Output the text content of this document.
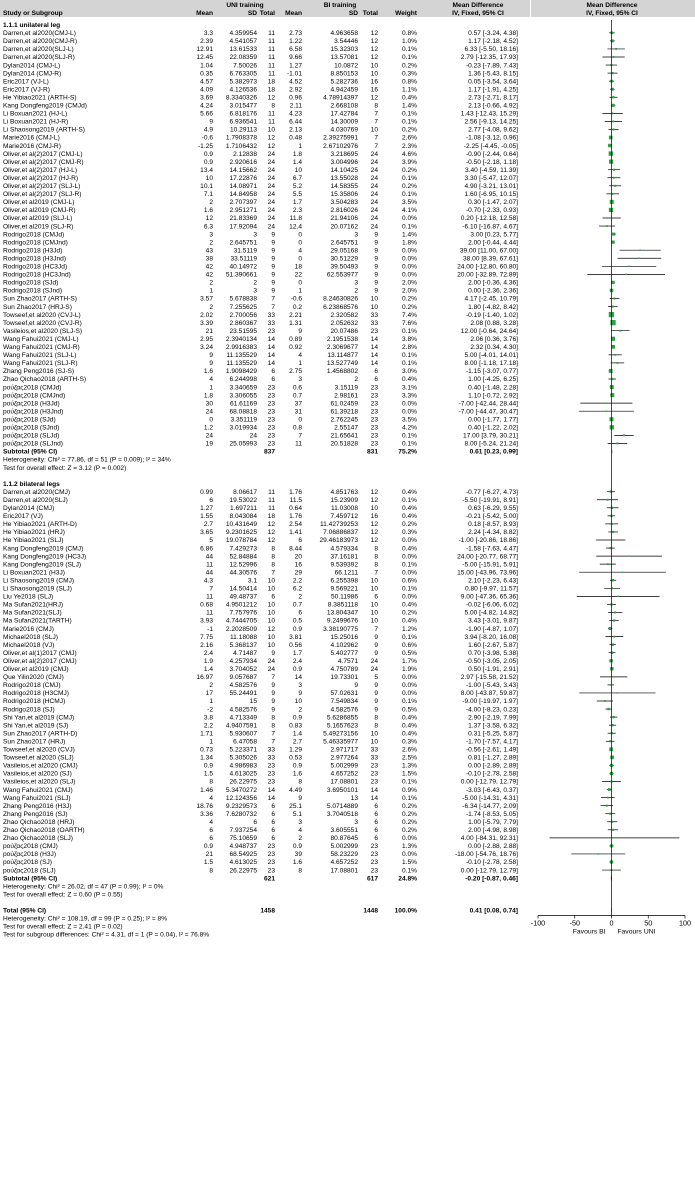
Study or Subgroup
UNI training	BI training
Mean	SD Total Mean	SD Total	Weight
Mean Difference
IV, Fixed, 95% CI
Mean Difference
IV, Fixed, 95% CI
1.1.1 unilateral leg
Darren,et al2020(CMJ-L)	3.3 4.359954 11 2.73	4.963658 12	0.8%	0.57 [-3.24, 4.38]
Darren,et al2020(CMJ-R)	2.39 4.541057 11 1.22	3.54446 12	1.0%	1.17 [-2.18, 4.52]
Darren,et al2020(SLJ-L)	12.91 13.61533 11 6.58	15.32303 12	0.1%	6.33 [-5.50, 18.16]
Darren,et al2020(SLJ-R)	12.45 22.08359 11 9.66	13.57081 12	0.1%	2.79 [-12.35, 17.93]
Dylan2014 (CMJ-L)	1.04	7.50026 11 1.27	10.0872 10	0.2%	-0.23 [-7.89, 7.43]
Dylan2014 (CMJ-R)	0.35 6.763305 11 -1.01	8.850153 10	0.3%	1.36 [-5.43, 8.15]
Eric2017 (VJ-L)	4.57 5.382973 18 4.52	5.282736 16	0.8%	0.05 [-3.54, 3.64]
Eric2017 (VJ-R)	4.09 4.126536 18 2.92	4.942459 16	1.1%	1.17 [-1.91, 4.25]
He Yibiao2021 (ARTH-S)	3.69 8.3340326 12 0.96	4.78914397 12	0.4%	2.73 [-2.71, 8.17]
Kang Dongfeng2019 (CMJd)	4.24 3.015477 8 2.11	2.668108 8	1.4%	2.13 [-0.66, 4.92]
Li Boxuan2021 (HJ-L)	5.66 6.818176 11 4.23	17.42784 7	0.1%	1.43 [-12.43, 15.29]
Li Boxuan2021 (HJ-R)	9 6.936541 11 6.44	14.30009 7	0.1%	2.56 [-9.13, 14.25]
Li Shaosong2019 (ARTH-S)	4.9	10.29113 10 2.13	4.030769 10	0.2%	2.77 [-4.08, 9.62]
Marie2016 (CMJ-L)	-0.6 1.7908378 12 0.48	2.39275991 7	2.6%	-1.08 [-3.12, 0.96]
Marie2016 (CMJ-R)	-1.25 1.7106432 12	1	2.67102976 7	2.3%	-2.25 [-4.45, -0.05]
Oliver,et al(2)2017 (CMJ-L)	0.9	2.12838 24	1.8	3.218695 24	4.6%	-0.90 [-2.44, 0.64]
Oliver,et al(2)2017 (CMJ-R)	0.9 2.920616 24	1.4	3.004996 24	3.9%	-0.50 [-2.18, 1.18]
Oliver,et al(2)2017 (HJ-L)	13.4 14.15662 24	10	14.10425 24	0.2%	3.40 [-4.59, 11.39]
Oliver,et al(2)2017 (HJ-R)	10 17.22876 24	6.7	13.55028 24	0.1%	3.30 [-5.47, 12.07]
Oliver,et al(2)2017 (SLJ-L)	10.1 14.08971 24	5.2	14.58355 24	0.2%	4.90 [-3.21, 13.01]
Oliver,et al(2)2017 (SLJ-R)	7.1 14.84958 24	5.5	15.35806 24	0.1%	1.60 [-6.95, 10.15]
Oliver,et al2019 (CMJ-L)	2 2.707397 24	1.7	3.504283 24	3.5%	0.30 [-1.47, 2.07]
Oliver,et al2019 (CMJ-R)	1.6 2.951271 24	2.3	2.816026 24	4.1%	-0.70 [-2.33, 0.93]
Oliver,et al2019 (SLJ-L)	12 21.83369 24 11.8	21.94106 24	0.0%	0.20 [-12.18, 12.58]
Oliver,et al2019 (SLJ-R)	6.3 17.92094 24 12.4	20.07162 24	0.1%	-6.10 [-16.87, 4.67]
Rodrigo2018 (CMJd)	3	3 9	0	3 9	1.4%	3.00 [0.23, 5.77]
Rodrigo2018 (CMJnd)	2 2.645751 9	0	2.645751 9	1.8%	2.00 [-0.44, 4.44]
Rodrigo2018 (H3Jd)	43	31.5119 9	4	29.05168 9	0.0%	39.00 [11.00, 67.00]
Rodrigo2018 (H3Jnd)	38	33.51119 9	0	30.51229 9	0.0%	38.00 [8.39, 67.61]
Rodrigo2018 (HC3Jd)	42 40.14972 9	18	39.50493 9	0.0%	24.00 [-12.80, 60.80]
Rodrigo2018 (HC3Jnd)	42 51.390661 9	22	62.553977 9	0.0%	20.00 [-32.89, 72.89]
Rodrigo2018 (SJd)	2	2 9	0	3 9	2.0%	2.00 [-0.36, 4.36]
Rodrigo2018 (SJnd)	1	3 9	1	2 9	2.0%	0.00 [-2.36, 2.36]
Sun Zhao2017 (ARTH-S)	3.57 5.678838 7 -0.6	8.24630826 10	0.2%	4.17 [-2.45, 10.79]
Sun Zhao2017 (HRJ-S)	2 7.255625 7	0.2	6.23868576 10	0.2%	1.80 [-4.82, 8.42]
Towseef,et al2020 (CVJ-L)	2.02 2.700056 33 2.21	2.320582 33	7.4%	-0.19 [-1.40, 1.02]
Towseef,et al2020 (CVJ-R)	3.39 2.860367 33 1.31	2.052632 33	7.6%	2.08 [0.88, 3.28]
Vasileios,et al2020 (SLJ-S)	21 23.51595 23	9	20.07486 23	0.1%	12.00 [-0.64, 24.64]
Wang Fahui2021 (CMJ-L)	2.95 2.3940134 14 0.89	2.1951538 14	3.8%	2.06 [0.36, 3.76]
Wang Fahui2021 (CMJ-R)	3.24 2.9916383 14 0.92	2.3069677 14	2.8%	2.32 [0.34, 4.30]
Wang Fahui2021 (SLJ-L)	9 11.135529 14	4	13.114877 14	0.1%	5.00 [-4.01, 14.01]
Wang Fahui2021 (SLJ-R)	9 11.135529 14	1	13.527749 14	0.1%	8.00 [-1.18, 17.18]
Zhang Peng2016 (SJ-S)	1.6 1.9098429 6 2.75	1.4568802 6	3.0%	-1.15 [-3.07, 0.77]
Zhao Qichao2018 (ARTH-S)	4 6.244998 6	3	2 6	0.4%	1.00 [-4.25, 6.25]
pούζας2018 (CMJd)	1 3.340659 23	0.6	3.15119 23	3.1%	0.40 [-1.48, 2.28]
pούζας2018 (CMJnd)	1.8 3.306055 23	0.7	2.98161 23	3.3%	1.10 [-0.72, 2.92]
pούζας2018 (H3Jd)	30	61.61169 23	37	61.02459 23	0.0%	-7.00 [-42.44, 28.44]
pούζας2018 (H3Jnd)	24 68.08818 23	31	61.39218 23	0.0%	-7.00 [-44.47, 30.47]
pούζας2018 (SJd)	0	3.351119 23	0	2.762245 23	3.5%	0.00 [-1.77, 1.77]
pούζας2018 (SJnd)	1.2 3.019934 23	0.8	2.55147 23	4.2%	0.40 [-1.22, 2.02]
pούζας2018 (SLJd)	24	24 23	7	21.65641 23	0.1%	17.00 [3.79, 30.21]
pούζας2018 (SLJnd)	19 25.05993 23	11	20.51828 23	0.1%	8.00 [-5.24, 21.24]
Subtotal (95% CI)	837	831	75.2%	0.61 [0.23, 0.99]
Heterogeneity: Chi² = 77.86, df = 51 (P = 0.009); I² = 34%
Test for overall effect: Z = 3.12 (P = 0.002)
1.1.2 bilateral legs
Darren,et al2020(CMJ)	0.99	8.06617 11 1.76	4.851763 12	0.4%	-0.77 [-6.27, 4.73]
Darren,et al2020(SLJ)	6 19.53022 11 11.5	15.23909 12	0.1%	-5.50 [-19.91, 8.91]
Dylan2014 (CMJ)	1.27	1.697211 11 0.64	11.03008 10	0.4%	0.63 [-6.29, 9.55]
Eric2017 (VJ)	1.55 8.043084 18 1.76	7.459712 16	0.4%	-0.21 [-5.42, 5.00]
He Yibiao2021 (ARTH-D)	2.7 10.431649 12 2.54	11.42739253 12	0.2%	0.18 [-8.57, 8.93]
He Yibiao2021 (HRJ)	3.65 9.2301625 12 1.41	7.06886837 12	0.3%	2.24 [-4.34, 8.82]
He Yibiao2021 (SLJ)	5 19.078784 12	6	29.46183973 12	0.0%	-1.00 [-20.86, 18.86]
Kang Dongfeng2019 (CMJ)	6.86 7.429273 8 8.44	4.579334 8	0.4%	-1.58 [-7.63, 4.47]
Kang Dongfeng2019 (HC3J)	44 52.84884 8	20	37.16181 8	0.0%	24.00 [-20.77, 68.77]
Kang Dongfeng2019 (SLJ)	11 12.52996 8	16	9.539392 8	0.1%	-5.00 [-15.91, 5.91]
Li Boxuan2021 (H3J)	44 44.30576 7	29	66.1211 7	0.0%	15.00 [-43.96, 73.96]
Li Shaosong2019 (CMJ)	4.3	3.1 10	2.2	6.255398 10	0.6%	2.10 [-2.23, 6.43]
Li Shaosong2019 (SLJ)	7 14.50414 10	6.2	9.569221 10	0.1%	0.80 [-9.97, 11.57]
Liu Ye2018 (SLJ)	11 49.48737 6	2	50.11986 6	0.0%	9.00 [-47.36, 65.36]
Ma Sufan2021(HRJ)	0.68 4.9501212 10	0.7	8.3851118 10	0.4%	-0.02 [-6.06, 6.02]
Ma Sufan2021(SLJ)	11 7.757976 10	6	13.804347 10	0.2%	5.00 [-4.82, 14.82]
Ma Sufan2021(TARTH)	3.93 4.7444705 10	0.5	9.2499676 10	0.4%	3.43 [-3.01, 9.87]
Marie2016 (CMJ)	-1 2.2028509 12	0.9	3.38190775 7	1.2%	-1.90 [-4.87, 1.07]
Michael2018 (SLJ)	7.75	11.18088 10 3.81	15.25016 9	0.1%	3.94 [-8.20, 16.08]
Michael2018 (VJ)	2.16 5.368137 10 0.56	4.102962 9	0.6%	1.60 [-2.67, 5.87]
Oliver,et al(1)2017 (CMJ)	2.4	4.71487 9	1.7	5.402777 9	0.5%	0.70 [-3.98, 5.38]
Oliver,et al(2)2017 (CMJ)	1.9 4.257934 24	2.4	4.7571 24	1.7%	-0.50 [-3.05, 2.05]
Oliver,et al2019 (CMJ)	1.4 3.704052 24	0.9	4.750789 24	1.9%	0.50 [-1.91, 2.91]
Que Yilin2020 (CMJ)	16.97 9.057687 7	14	19.73301 5	0.0%	2.97 [-15.58, 21.52]
Rodrigo2018 (CMJ)	2 4.582576 9	3	9 9	0.0%	-1.00 [-5.43, 3.43]
Rodrigo2018 (H3CMJ)	17 55.24491 9	9	57.02631 9	0.0%	8.00 [-43.87, 59.87]
Rodrigo2018 (HCMJ)	1	15 9	10	7.549834 9	0.1%	-9.00 [-19.97, 1.97]
Rodrigo2018 (SJ)	-2 4.582576 9	2	4.582576 9	0.5%	-4.00 [-8.23, 0.23]
Shi Yan,et al2019 (CMJ)	3.8 4.713349 8	0.9	5.6286855 8	0.4%	2.90 [-2.19, 7.99]
Shi Yan,et al2019 (SJ)	2.2 4.9407591 8 0.83	5.1657623 8	0.4%	1.37 [-3.58, 6.32]
Sun Zhao2017 (ARTH-D)	1.71 5.930607 7	1.4	5.49273156 10	0.4%	0.31 [-5.25, 5.87]
Sun Zhao2017 (HRJ)	1	6.47058 7	2.7	5.46335977 10	0.3%	-1.70 [-7.57, 4.17]
Towseef,et al2020 (CVJ)	0.73 5.223371 33 1.29	2.971717 33	2.6%	-0.56 [-2.61, 1.49]
Towseef,et al2020 (SLJ)	1.34 5.305026 33 0.53	2.977264 33	2.5%	0.81 [-1.27, 2.89]
Vasileios,et al2020 (CMJ)	0.9 4.986983 23	0.9	5.002999 23	1.3%	0.00 [-2.89, 2.89]
Vasileios,et al2020 (SJ)	1.5 4.613025 23	1.6	4.657252 23	1.5%	-0.10 [-2.78, 2.58]
Vasileios,et al2020 (SLJ)	8 26.22975 23	8	17.08801 23	0.1%	0.00 [-12.79, 12.79]
Wang Fahui2021 (CMJ)	1.46 5.3470272 14 4.49	3.6950101 14	0.9%	-3.03 [-6.43, 0.37]
Wang Fahui2021 (SLJ)	4 12.124356 14	9	13 14	0.1%	-5.00 [-14.31, 4.31]
Zhang Peng2016 (H3J)	18.76 9.2329573 6 25.1	5.0714889 6	0.2%	-6.34 [-14.77, 2.09]
Zhang Peng2016 (SJ)	3.36 7.6280732 6	5.1	3.7040518 6	0.2%	-1.74 [-8.53, 5.05]
Zhao Qichao2018 (HRJ)	4	6 6	3	3 6	0.2%	1.00 [-5.79, 7.79]
Zhao Qichao2018 (OARTH)	6 7.937254 6	4	3.605551 6	0.2%	2.00 [-4.98, 8.98]
Zhao Qichao2018 (SLJ)	6 75.10659 6	2	80.87645 6	0.0%	4.00 [-84.31, 92.31]
pούζας2018 (CMJ)	0.9 4.948737 23	0.9	5.002999 23	1.3%	0.00 [-2.88, 2.88]
pούζας2018 (H3J)	21 68.54925 23	39	58.23229 23	0.0%	-18.00 [-54.76, 18.76]
pούζας2018 (SJ)	1.5 4.613025 23	1.6	4.657252 23	1.5%	-0.10 [-2.78, 2.58]
pούζας2018 (SLJ)	8 26.22975 23	8	17.08801 23	0.1%	0.00 [-12.79, 12.79]
Subtotal (95% CI)	621	617	24.8%	-0.20 [-0.87, 0.46]
Heterogeneity: Chi² = 26.02, df = 47 (P = 0.99); I² = 0%
Test for overall effect: Z = 0.60 (P = 0.55)
Total (95% CI)	1458	1448	100.0%	0.41 [0.08, 0.74]
Heterogeneity: Chi² = 108.19, df = 99 (P = 0.25); I² = 8%
Test for overall effect: Z = 2.41 (P = 0.02)
Test for subgroup differences: Chi² = 4.31, df = 1 (P = 0.04), I² = 76.8%
-100	-50	0	50	100
Favours BI Favours UNI
